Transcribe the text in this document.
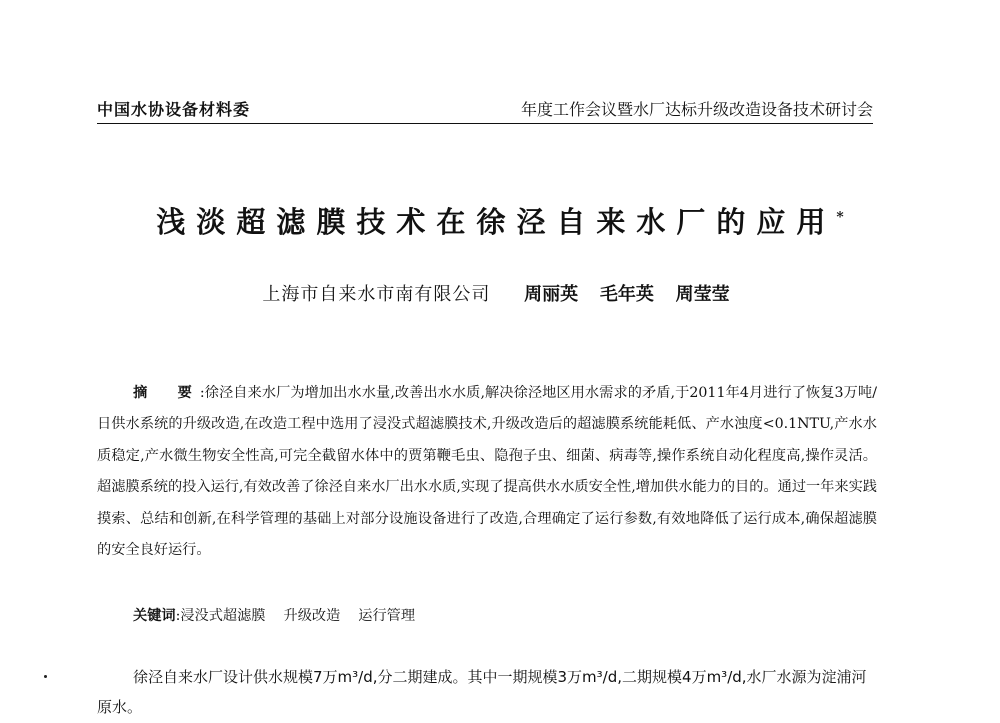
中国水协设备材料委	年度工作会议暨水厂达标升级改造设备技术研讨会
浅淡超滤膜技术在徐泾自来水厂的应用*
上海市自来水市南有限公司 周丽英 毛年英 周莹莹
摘　要:徐泾自来水厂为增加出水水量,改善出水水质,解决徐泾地区用水需求的矛盾,于2011年4月进行了恢复3万吨/日供水系统的升级改造,在改造工程中选用了浸没式超滤膜技术,升级改造后的超滤膜系统能耗低、产水浊度<0.1NTU,产水水质稳定,产水微生物安全性高,可完全截留水体中的贾第鞭毛虫、隐孢子虫、细菌、病毒等,操作系统自动化程度高,操作灵活。超滤膜系统的投入运行,有效改善了徐泾自来水厂出水水质,实现了提高供水水质安全性,增加供水能力的目的。通过一年来实践摸索、总结和创新,在科学管理的基础上对部分设施设备进行了改造,合理确定了运行参数,有效地降低了运行成本,确保超滤膜的安全良好运行。
关键词:浸没式超滤膜 升级改造 运行管理
徐泾自来水厂设计供水规模7万m³/d,分二期建成。其中一期规模3万m³/d,二期规模4万m³/d,水厂水源为淀浦河原水。
